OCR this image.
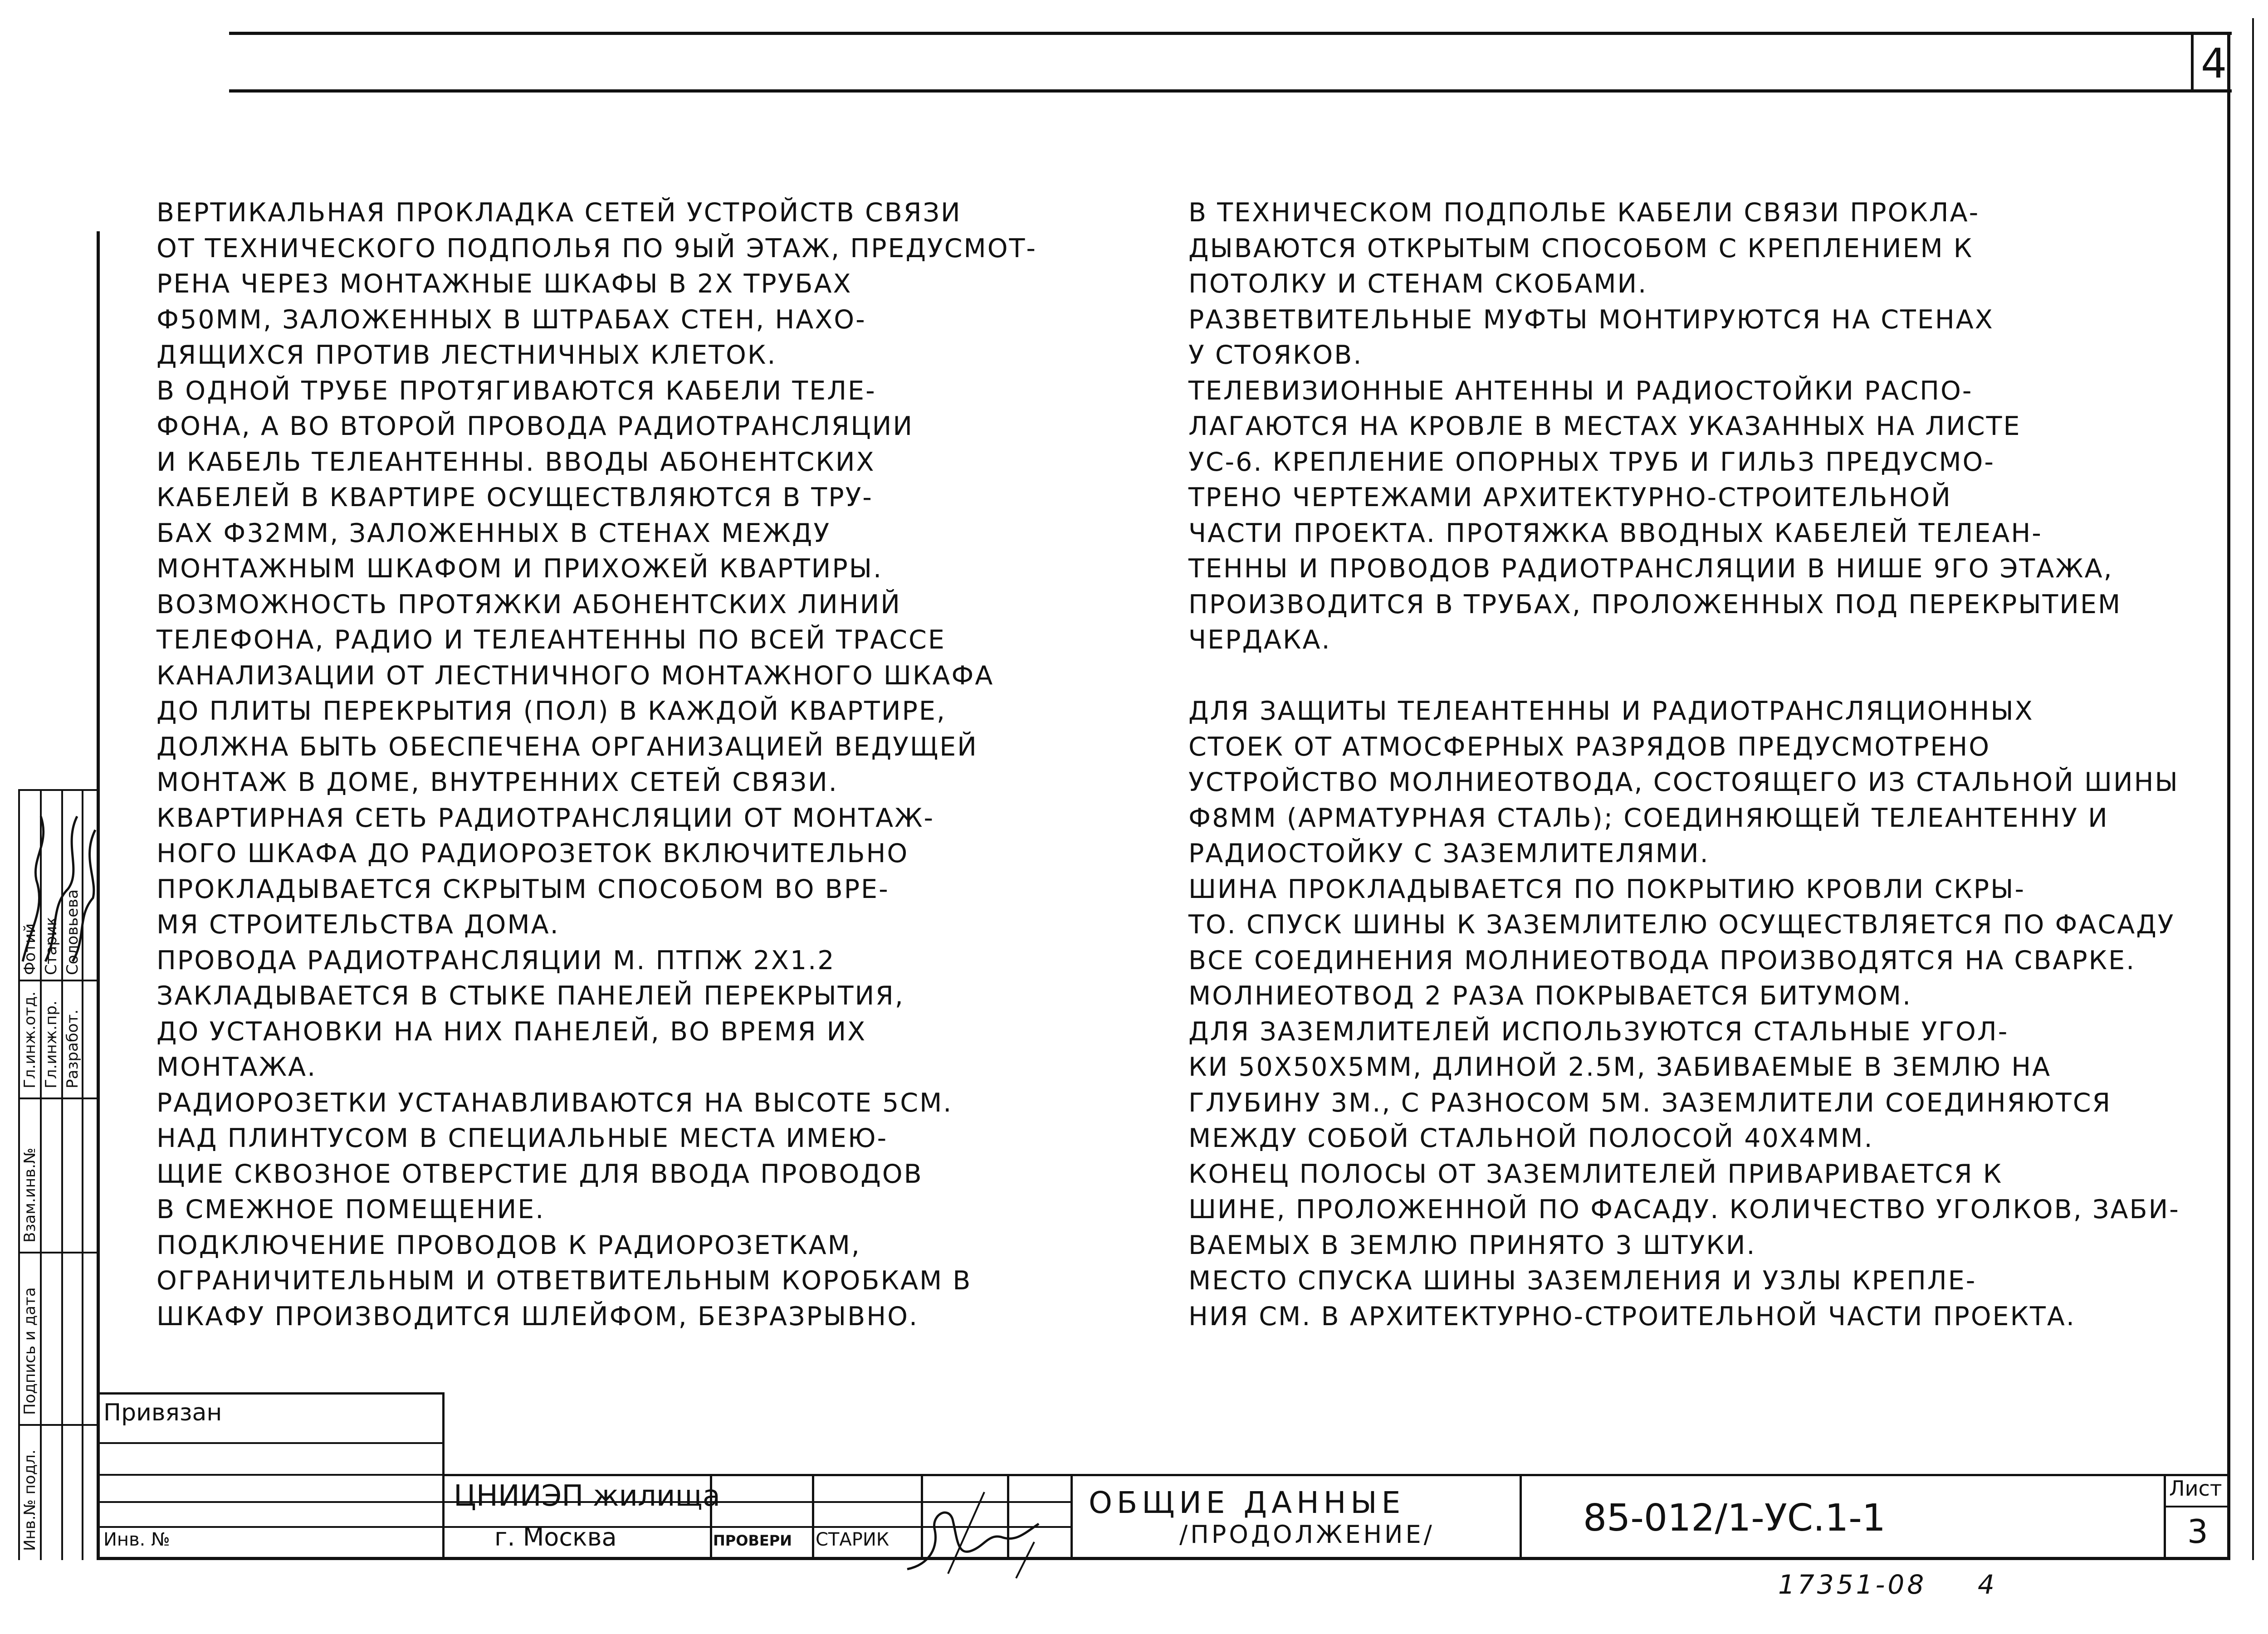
4

ВЕРТИКАЛЬНАЯ ПРОКЛАДКА СЕТЕЙ УСТРОЙСТВ СВЯЗИ

ОТ ТЕХНИЧЕСКОГО ПОДПОЛЬЯ ПО 9ЫЙ ЭТАЖ, ПРЕДУСМОТ-

РЕНА ЧЕРЕЗ МОНТАЖНЫЕ ШКАФЫ В 2Х ТРУБАХ

Ф50ММ, ЗАЛОЖЕННЫХ В ШТРАБАХ СТЕН, НАХО-

ДЯЩИХСЯ ПРОТИВ ЛЕСТНИЧНЫХ КЛЕТОК.

В ОДНОЙ ТРУБЕ ПРОТЯГИВАЮТСЯ КАБЕЛИ ТЕЛЕ-

ФОНА, А ВО ВТОРОЙ ПРОВОДА РАДИОТРАНСЛЯЦИИ

И КАБЕЛЬ ТЕЛЕАНТЕННЫ. ВВОДЫ АБОНЕНТСКИХ

КАБЕЛЕЙ В КВАРТИРЕ ОСУЩЕСТВЛЯЮТСЯ В ТРУ-

БАХ Ф32ММ, ЗАЛОЖЕННЫХ В СТЕНАХ МЕЖДУ

МОНТАЖНЫМ ШКАФОМ И ПРИХОЖЕЙ КВАРТИРЫ.

ВОЗМОЖНОСТЬ ПРОТЯЖКИ АБОНЕНТСКИХ ЛИНИЙ

ТЕЛЕФОНА, РАДИО И ТЕЛЕАНТЕННЫ ПО ВСЕЙ ТРАССЕ

КАНАЛИЗАЦИИ ОТ ЛЕСТНИЧНОГО МОНТАЖНОГО ШКАФА

ДО ПЛИТЫ ПЕРЕКРЫТИЯ (ПОЛ) В КАЖДОЙ КВАРТИРЕ,

ДОЛЖНА БЫТЬ ОБЕСПЕЧЕНА ОРГАНИЗАЦИЕЙ ВЕДУЩЕЙ

МОНТАЖ В ДОМЕ, ВНУТРЕННИХ СЕТЕЙ СВЯЗИ.

КВАРТИРНАЯ СЕТЬ РАДИОТРАНСЛЯЦИИ ОТ МОНТАЖ-

НОГО ШКАФА ДО РАДИОРОЗЕТОК ВКЛЮЧИТЕЛЬНО

ПРОКЛАДЫВАЕТСЯ СКРЫТЫМ СПОСОБОМ ВО ВРЕ-

МЯ СТРОИТЕЛЬСТВА ДОМА.

ПРОВОДА РАДИОТРАНСЛЯЦИИ М. ПТПЖ 2Х1.2

ЗАКЛАДЫВАЕТСЯ В СТЫКЕ ПАНЕЛЕЙ ПЕРЕКРЫТИЯ,

ДО УСТАНОВКИ НА НИХ ПАНЕЛЕЙ, ВО ВРЕМЯ ИХ

МОНТАЖА.

РАДИОРОЗЕТКИ УСТАНАВЛИВАЮТСЯ НА ВЫСОТЕ 5СМ.

НАД ПЛИНТУСОМ В СПЕЦИАЛЬНЫЕ МЕСТА ИМЕЮ-

ЩИЕ СКВОЗНОЕ ОТВЕРСТИЕ ДЛЯ ВВОДА ПРОВОДОВ

В СМЕЖНОЕ ПОМЕЩЕНИЕ.

ПОДКЛЮЧЕНИЕ ПРОВОДОВ К РАДИОРОЗЕТКАМ,

ОГРАНИЧИТЕЛЬНЫМ И ОТВЕТВИТЕЛЬНЫМ КОРОБКАМ В

ШКАФУ ПРОИЗВОДИТСЯ ШЛЕЙФОМ, БЕЗРАЗРЫВНО.

В ТЕХНИЧЕСКОМ ПОДПОЛЬЕ КАБЕЛИ СВЯЗИ ПРОКЛА-

ДЫВАЮТСЯ ОТКРЫТЫМ СПОСОБОМ С КРЕПЛЕНИЕМ К

ПОТОЛКУ И СТЕНАМ СКОБАМИ.

РАЗВЕТВИТЕЛЬНЫЕ МУФТЫ МОНТИРУЮТСЯ НА СТЕНАХ

У СТОЯКОВ.

ТЕЛЕВИЗИОННЫЕ АНТЕННЫ И РАДИОСТОЙКИ РАСПО-

ЛАГАЮТСЯ НА КРОВЛЕ В МЕСТАХ УКАЗАННЫХ НА ЛИСТЕ

УС-6. КРЕПЛЕНИЕ ОПОРНЫХ ТРУБ И ГИЛЬЗ ПРЕДУСМО-

ТРЕНО ЧЕРТЕЖАМИ АРХИТЕКТУРНО-СТРОИТЕЛЬНОЙ

ЧАСТИ ПРОЕКТА. ПРОТЯЖКА ВВОДНЫХ КАБЕЛЕЙ ТЕЛЕАН-

ТЕННЫ И ПРОВОДОВ РАДИОТРАНСЛЯЦИИ В НИШЕ 9ГО ЭТАЖА,

ПРОИЗВОДИТСЯ В ТРУБАХ, ПРОЛОЖЕННЫХ ПОД ПЕРЕКРЫТИЕМ

ЧЕРДАКА.

ДЛЯ ЗАЩИТЫ ТЕЛЕАНТЕННЫ И РАДИОТРАНСЛЯЦИОННЫХ

СТОЕК ОТ АТМОСФЕРНЫХ РАЗРЯДОВ ПРЕДУСМОТРЕНО

УСТРОЙСТВО МОЛНИЕОТВОДА, СОСТОЯЩЕГО ИЗ СТАЛЬНОЙ ШИНЫ

Ф8ММ (АРМАТУРНАЯ СТАЛЬ); СОЕДИНЯЮЩЕЙ ТЕЛЕАНТЕННУ И

РАДИОСТОЙКУ С ЗАЗЕМЛИТЕЛЯМИ.

ШИНА ПРОКЛАДЫВАЕТСЯ ПО ПОКРЫТИЮ КРОВЛИ СКРЫ-

ТО. СПУСК ШИНЫ К ЗАЗЕМЛИТЕЛЮ ОСУЩЕСТВЛЯЕТСЯ ПО ФАСАДУ

ВСЕ СОЕДИНЕНИЯ МОЛНИЕОТВОДА ПРОИЗВОДЯТСЯ НА СВАРКЕ.

МОЛНИЕОТВОД 2 РАЗА ПОКРЫВАЕТСЯ БИТУМОМ.

ДЛЯ ЗАЗЕМЛИТЕЛЕЙ ИСПОЛЬЗУЮТСЯ СТАЛЬНЫЕ УГОЛ-

КИ 50Х50Х5ММ, ДЛИНОЙ 2.5М, ЗАБИВАЕМЫЕ В ЗЕМЛЮ НА

ГЛУБИНУ 3М., С РАЗНОСОМ 5М. ЗАЗЕМЛИТЕЛИ СОЕДИНЯЮТСЯ

МЕЖДУ СОБОЙ СТАЛЬНОЙ ПОЛОСОЙ 40Х4ММ.

КОНЕЦ ПОЛОСЫ ОТ ЗАЗЕМЛИТЕЛЕЙ ПРИВАРИВАЕТСЯ К

ШИНЕ, ПРОЛОЖЕННОЙ ПО ФАСАДУ. КОЛИЧЕСТВО УГОЛКОВ, ЗАБИ-

ВАЕМЫХ В ЗЕМЛЮ ПРИНЯТО 3 ШТУКИ.

МЕСТО СПУСКА ШИНЫ ЗАЗЕМЛЕНИЯ И УЗЛЫ КРЕПЛЕ-

НИЯ СМ. В АРХИТЕКТУРНО-СТРОИТЕЛЬНОЙ ЧАСТИ ПРОЕКТА.

Инв.№ подл.
Подпись и дата
Взам.инв.№
Гл.инж.отд.
Фотий
Гл.инж.пр.
Старик
Разработ.
Соловьева
Привязан
Инв. №
ЦНИИЭП жилища
г. Москва	ПРОВЕРИ СТАРИК
ОБЩИЕ ДАННЫЕ
/ПРОДОЛЖЕНИЕ/	85-012/1-УС.1-1
Лист
3
17351-08 4
